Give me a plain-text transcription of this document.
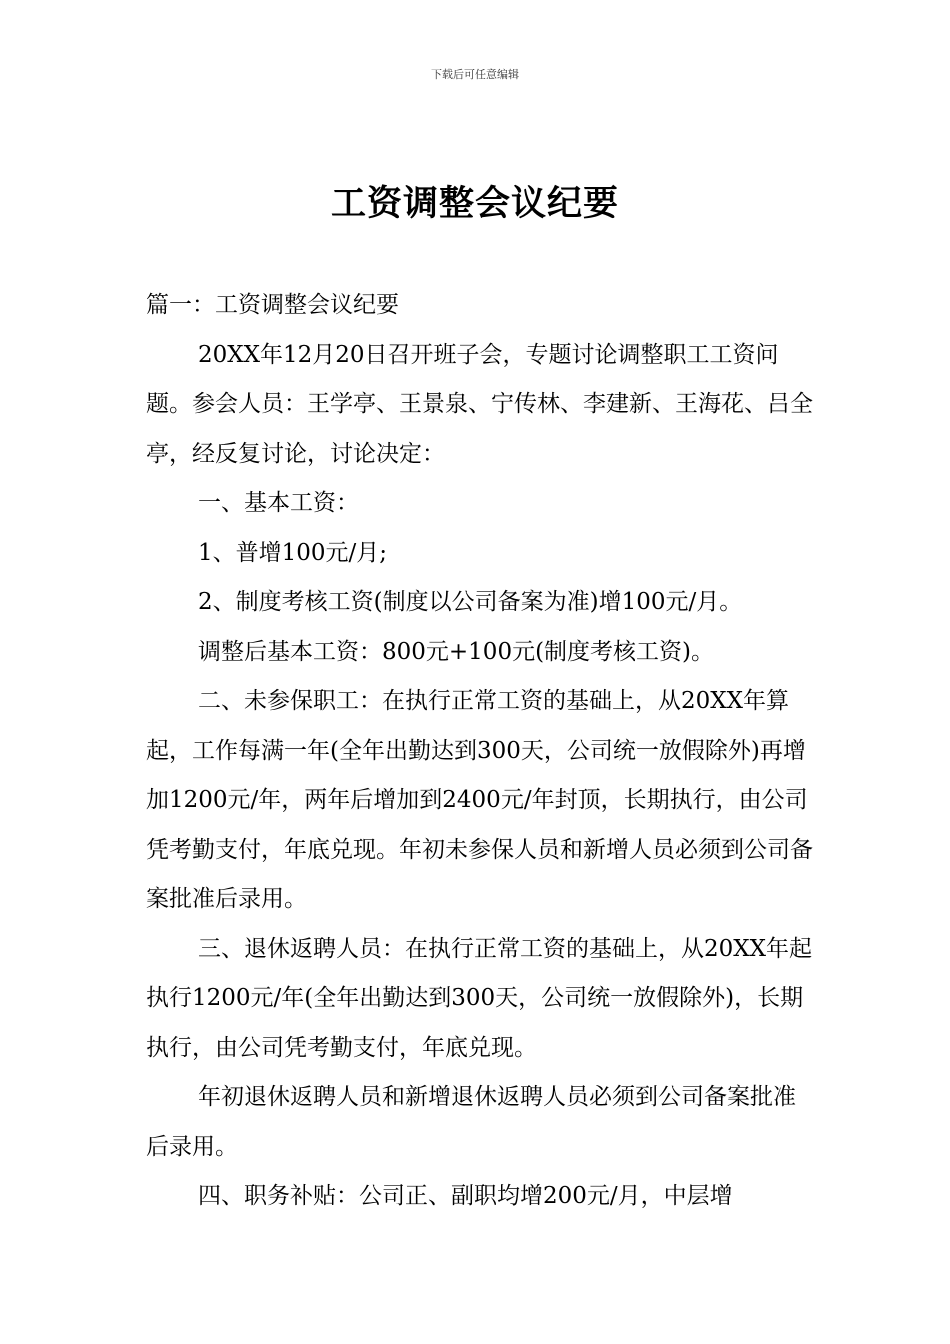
下载后可任意编辑
工资调整会议纪要

篇一：工资调整会议纪要

20XX年12月20日召开班子会，专题讨论调整职工工资问题。参会人员：王学亭、王景泉、宁传林、李建新、王海花、吕全亭，经反复讨论，讨论决定：

一、基本工资：

1、普增100元/月;

2、制度考核工资(制度以公司备案为准)增100元/月。

调整后基本工资：800元+100元(制度考核工资)。

二、未参保职工：在执行正常工资的基础上，从20XX年算起，工作每满一年(全年出勤达到300天，公司统一放假除外)再增加1200元/年，两年后增加到2400元/年封顶，长期执行，由公司凭考勤支付，年底兑现。年初未参保人员和新增人员必须到公司备案批准后录用。

三、退休返聘人员：在执行正常工资的基础上，从20XX年起执行1200元/年(全年出勤达到300天，公司统一放假除外)，长期执行，由公司凭考勤支付，年底兑现。

年初退休返聘人员和新增退休返聘人员必须到公司备案批准后录用。

四、职务补贴：公司正、副职均增200元/月，中层增
